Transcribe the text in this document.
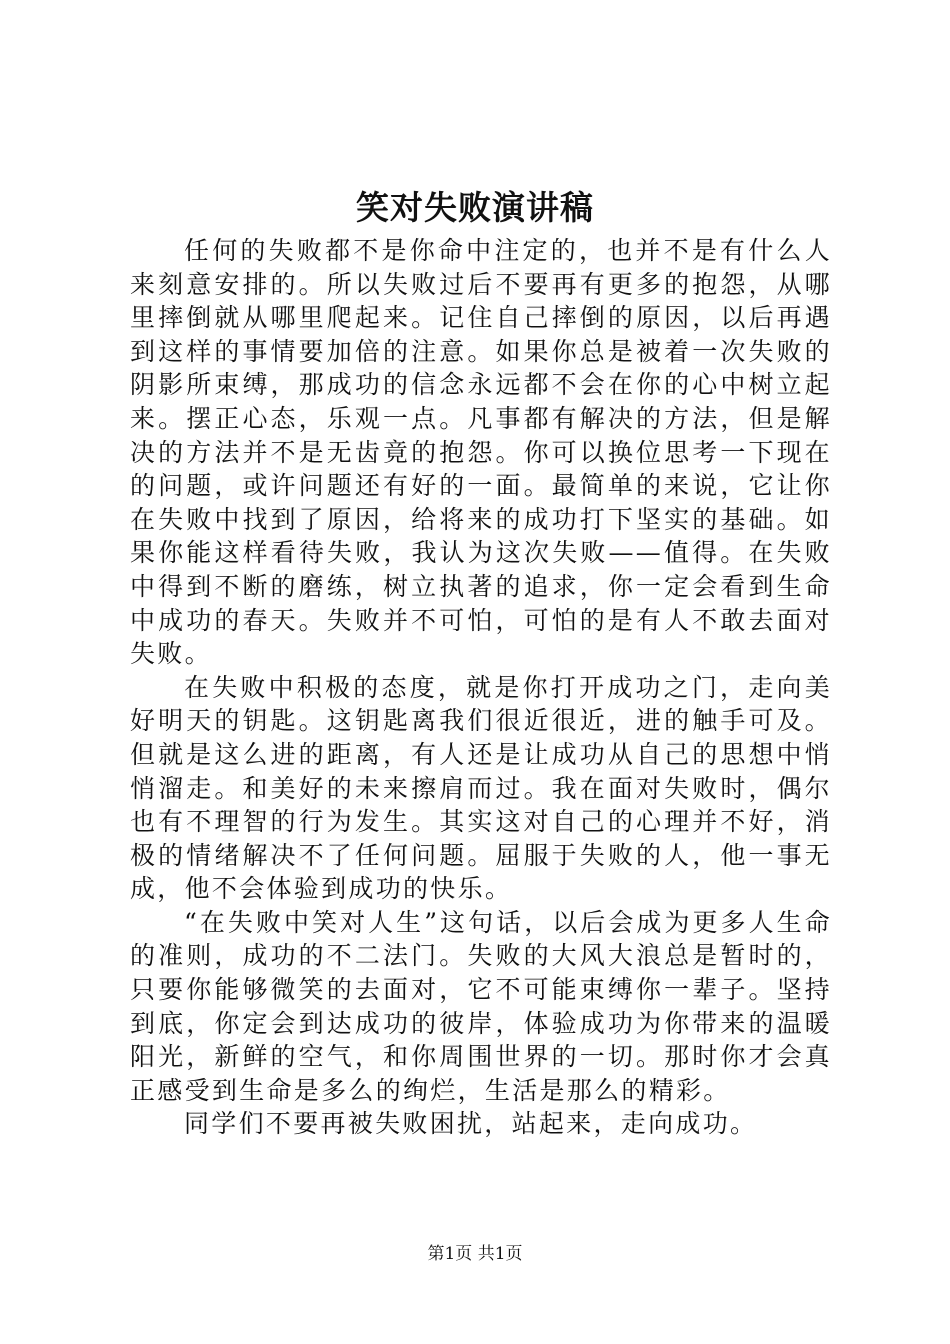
笑对失败演讲稿

任何的失败都不是你命中注定的，也并不是有什么人来刻意安排的。所以失败过后不要再有更多的抱怨，从哪里摔倒就从哪里爬起来。记住自己摔倒的原因，以后再遇到这样的事情要加倍的注意。如果你总是被着一次失败的阴影所束缚，那成功的信念永远都不会在你的心中树立起来。摆正心态，乐观一点。凡事都有解决的方法，但是解决的方法并不是无齿竟的抱怨。你可以换位思考一下现在的问题，或许问题还有好的一面。最简单的来说，它让你在失败中找到了原因，给将来的成功打下坚实的基础。如果你能这样看待失败，我认为这次失败——值得。在失败中得到不断的磨练，树立执著的追求，你一定会看到生命中成功的春天。失败并不可怕，可怕的是有人不敢去面对失败。

在失败中积极的态度，就是你打开成功之门，走向美好明天的钥匙。这钥匙离我们很近很近，进的触手可及。但就是这么进的距离，有人还是让成功从自己的思想中悄悄溜走。和美好的未来擦肩而过。我在面对失败时，偶尔也有不理智的行为发生。其实这对自己的心理并不好，消极的情绪解决不了任何问题。屈服于失败的人，他一事无成，他不会体验到成功的快乐。

“在失败中笑对人生”这句话，以后会成为更多人生命的准则，成功的不二法门。失败的大风大浪总是暂时的，只要你能够微笑的去面对，它不可能束缚你一辈子。坚持到底，你定会到达成功的彼岸，体验成功为你带来的温暖阳光，新鲜的空气，和你周围世界的一切。那时你才会真正感受到生命是多么的绚烂，生活是那么的精彩。

同学们不要再被失败困扰，站起来，走向成功。

第1页 共1页
